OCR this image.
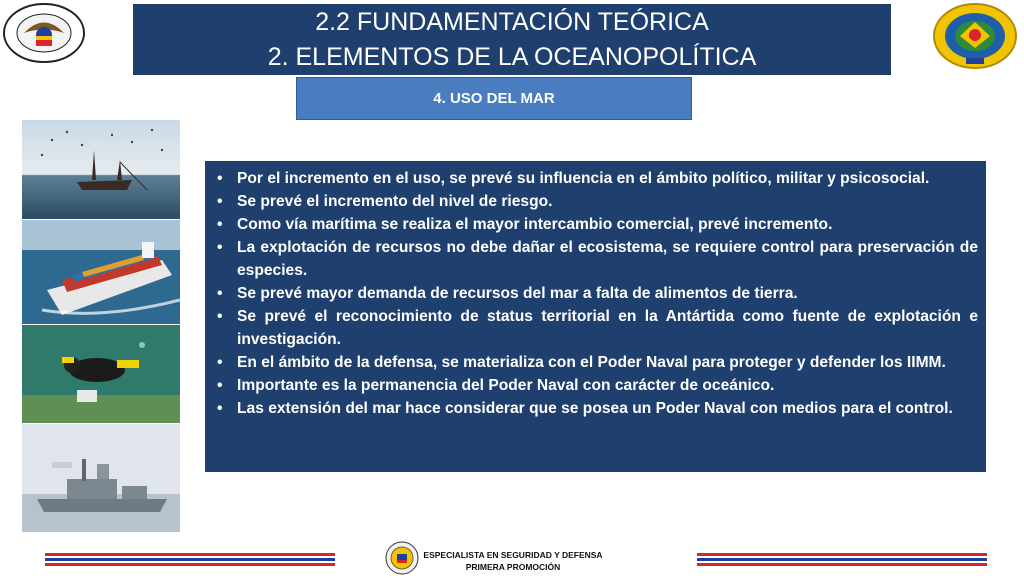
2.2 FUNDAMENTACIÓN TEÓRICA
2. ELEMENTOS DE LA OCEANOPOLÍTICA
4. USO DEL MAR
• Por el incremento en el uso, se prevé su influencia en el ámbito político, militar y psicosocial.
• Se prevé el incremento del nivel de riesgo.
• Como vía marítima se realiza el mayor intercambio comercial, prevé incremento.
• La explotación de recursos no debe dañar el ecosistema, se requiere control para preservación de especies.
• Se prevé mayor demanda de recursos del mar a falta de alimentos de tierra.
• Se prevé el reconocimiento de status territorial en la Antártida como fuente de explotación e investigación.
• En el ámbito de la defensa, se materializa con el Poder Naval para proteger y defender los IIMM.
• Importante es la permanencia del Poder Naval con carácter de oceánico.
• Las extensión del mar hace considerar que se posea un Poder Naval con medios para el control.
ESPECIALISTA EN SEGURIDAD Y DEFENSA
PRIMERA PROMOCIÓN
